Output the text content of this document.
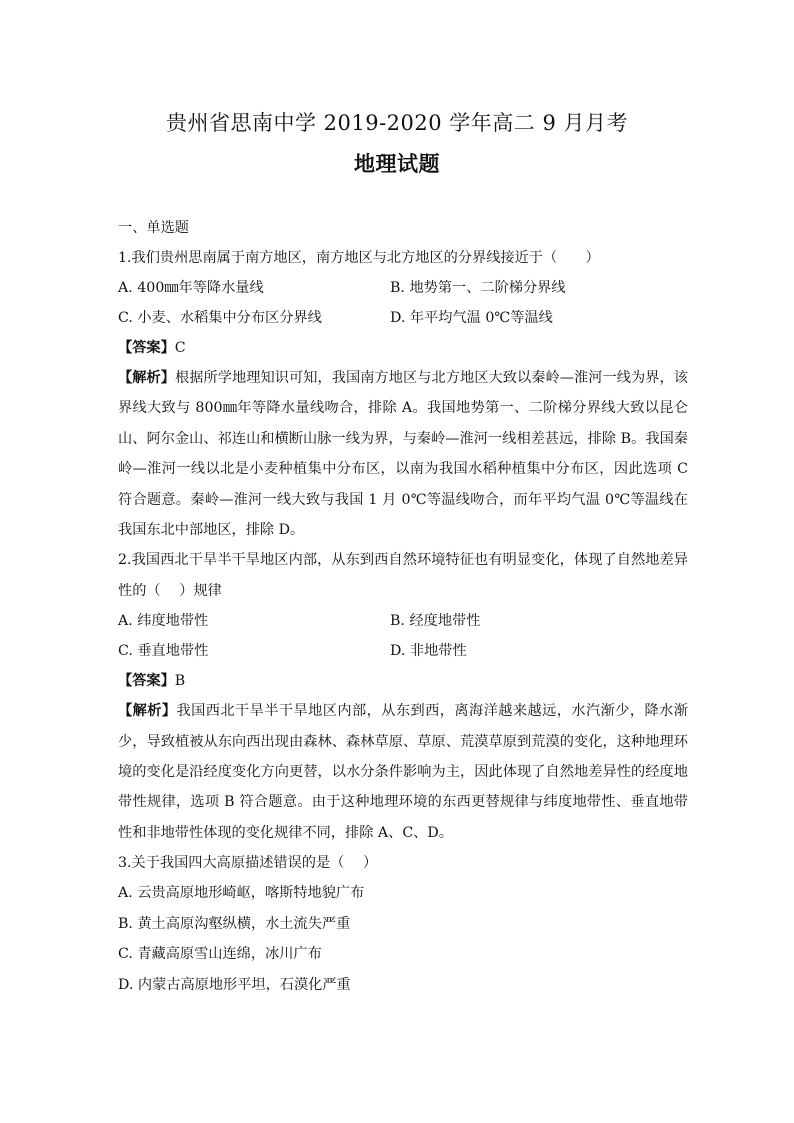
贵州省思南中学 2019-2020 学年高二 9 月月考
地理试题
一、单选题
1.我们贵州思南属于南方地区，南方地区与北方地区的分界线接近于（　　）
A. 400㎜年等降水量线	B. 地势第一、二阶梯分界线
C. 小麦、水稻集中分布区分界线	D. 年平均气温 0℃等温线
【答案】C
【解析】根据所学地理知识可知，我国南方地区与北方地区大致以秦岭—淮河一线为界，该界线大致与 800㎜年等降水量线吻合，排除 A。我国地势第一、二阶梯分界线大致以昆仑山、阿尔金山、祁连山和横断山脉一线为界，与秦岭—淮河一线相差甚远，排除 B。我国秦岭—淮河一线以北是小麦种植集中分布区，以南为我国水稻种植集中分布区，因此选项 C 符合题意。秦岭—淮河一线大致与我国 1 月 0℃等温线吻合，而年平均气温 0℃等温线在我国东北中部地区，排除 D。
2.我国西北干旱半干旱地区内部，从东到西自然环境特征也有明显变化，体现了自然地差异性的（　 ）规律
A. 纬度地带性	B. 经度地带性
C. 垂直地带性	D. 非地带性
【答案】B
【解析】我国西北干旱半干旱地区内部，从东到西，离海洋越来越远，水汽渐少，降水渐少，导致植被从东向西出现由森林、森林草原、草原、荒漠草原到荒漠的变化，这种地理环境的变化是沿经度变化方向更替，以水分条件影响为主，因此体现了自然地差异性的经度地带性规律，选项 B 符合题意。由于这种地理环境的东西更替规律与纬度地带性、垂直地带性和非地带性体现的变化规律不同，排除 A、C、D。
3.关于我国四大高原描述错误的是（　 ）
A. 云贵高原地形崎岖，喀斯特地貌广布
B. 黄土高原沟壑纵横，水土流失严重
C. 青藏高原雪山连绵，冰川广布
D. 内蒙古高原地形平坦，石漠化严重
